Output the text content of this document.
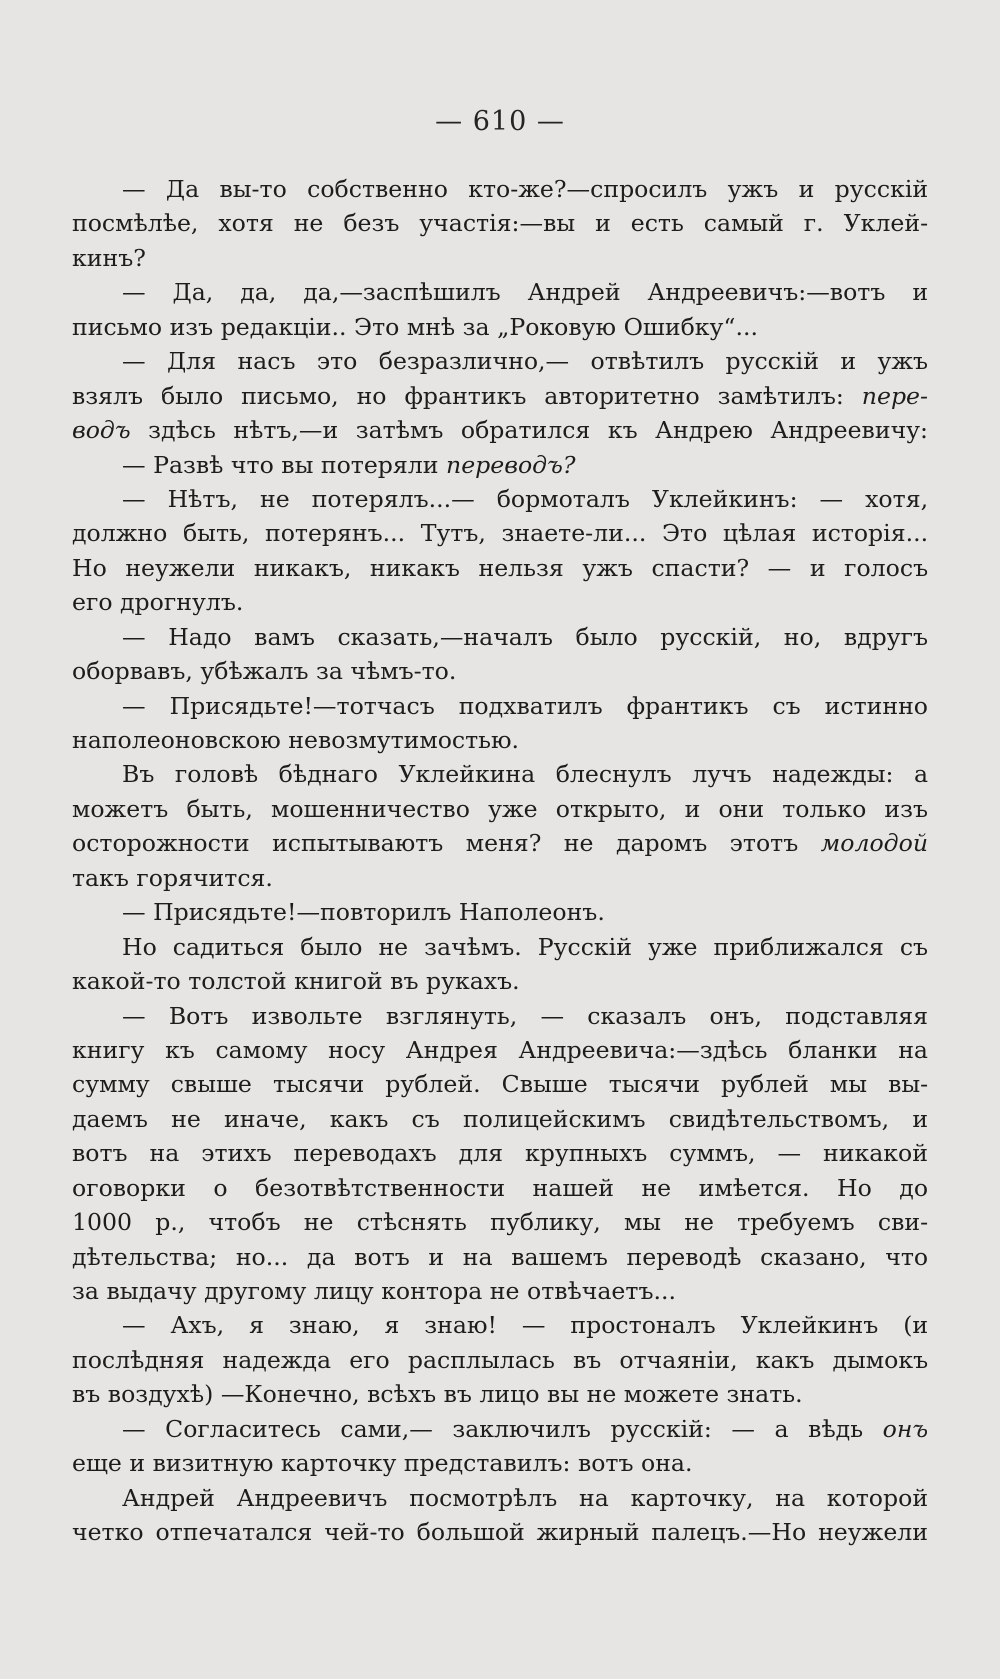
— 610 —
— Да вы-то собственно кто-же?—спросилъ ужъ и русскій
посмѣлѣе, хотя не безъ участія:—вы и есть самый г. Уклей-
кинъ?
— Да, да, да,—заспѣшилъ Андрей Андреевичъ:—вотъ и
письмо изъ редакціи.. Это мнѣ за „Роковую Ошибку“...
— Для насъ это безразлично,— отвѣтилъ русскій и ужъ
взялъ было письмо, но франтикъ авторитетно замѣтилъ: пере-
водъ здѣсь нѣтъ,—и затѣмъ обратился къ Андрею Андреевичу:
— Развѣ что вы потеряли переводъ?
— Нѣтъ, не потерялъ...— бормоталъ Уклейкинъ: — хотя,
должно быть, потерянъ... Тутъ, знаете-ли... Это цѣлая исторія...
Но неужели никакъ, никакъ нельзя ужъ спасти? — и голосъ
его дрогнулъ.
— Надо вамъ сказать,—началъ было русскій, но, вдругъ
оборвавъ, убѣжалъ за чѣмъ-то.
— Присядьте!—тотчасъ подхватилъ франтикъ съ истинно
наполеоновскою невозмутимостью.
Въ головѣ бѣднаго Уклейкина блеснулъ лучъ надежды: а
можетъ быть, мошенничество уже открыто, и они только изъ
осторожности испытываютъ меня? не даромъ этотъ молодой
такъ горячится.
— Присядьте!—повторилъ Наполеонъ.
Но садиться было не зачѣмъ. Русскій уже приближался съ
какой-то толстой книгой въ рукахъ.
— Вотъ извольте взглянуть, — сказалъ онъ, подставляя
книгу къ самому носу Андрея Андреевича:—здѣсь бланки на
сумму свыше тысячи рублей. Свыше тысячи рублей мы вы-
даемъ не иначе, какъ съ полицейскимъ свидѣтельствомъ, и
вотъ на этихъ переводахъ для крупныхъ суммъ, — никакой
оговорки о безотвѣтственности нашей не имѣется. Но до
1000 р., чтобъ не стѣснять публику, мы не требуемъ сви-
дѣтельства; но... да вотъ и на вашемъ переводѣ сказано, что
за выдачу другому лицу контора не отвѣчаетъ...
— Ахъ, я знаю, я знаю! — простоналъ Уклейкинъ (и
послѣдняя надежда его расплылась въ отчаяніи, какъ дымокъ
въ воздухѣ) —Конечно, всѣхъ въ лицо вы не можете знать.
— Согласитесь сами,— заключилъ русскій: — а вѣдь онъ
еще и визитную карточку представилъ: вотъ она.
Андрей Андреевичъ посмотрѣлъ на карточку, на которой
четко отпечатался чей-то большой жирный палецъ.—Но неужели
